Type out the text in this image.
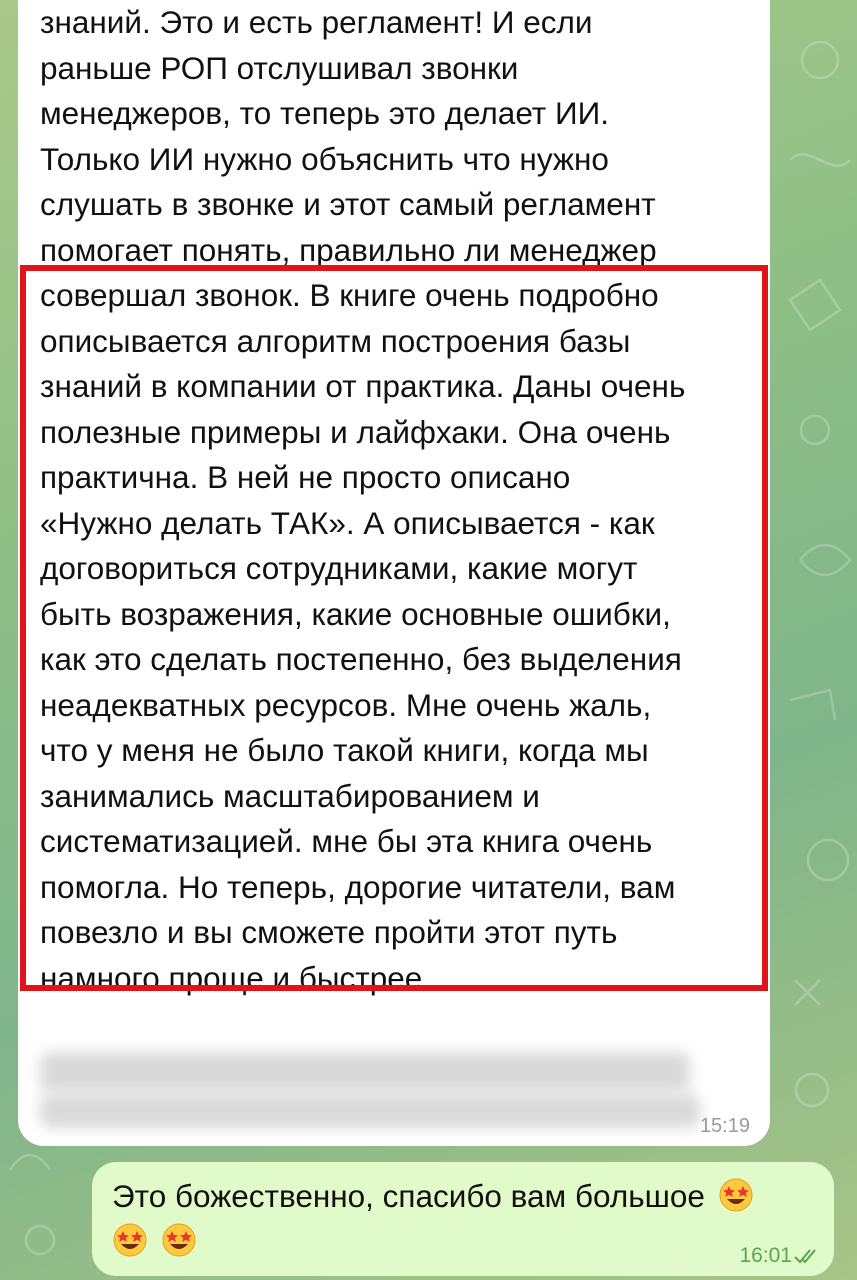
знаний. Это и есть регламент! И если

раньше РОП отслушивал звонки

менеджеров, то теперь это делает ИИ.

Только ИИ нужно объяснить что нужно

слушать в звонке и этот самый регламент

помогает понять, правильно ли менеджер

совершал звонок. В книге очень подробно

описывается алгоритм построения базы

знаний в компании от практика. Даны очень

полезные примеры и лайфхаки. Она очень

практична. В ней не просто описано

«Нужно делать ТАК». А описывается - как

договориться сотрудниками, какие могут

быть возражения, какие основные ошибки,

как это сделать постепенно, без выделения

неадекватных ресурсов. Мне очень жаль,

что у меня не было такой книги, когда мы

занимались масштабированием и

систематизацией. мне бы эта книга очень

помогла. Но теперь, дорогие читатели, вам

повезло и вы сможете пройти этот путь

намного проще и быстрее.

15:19
Это божественно, спасибо вам большое

16:01
